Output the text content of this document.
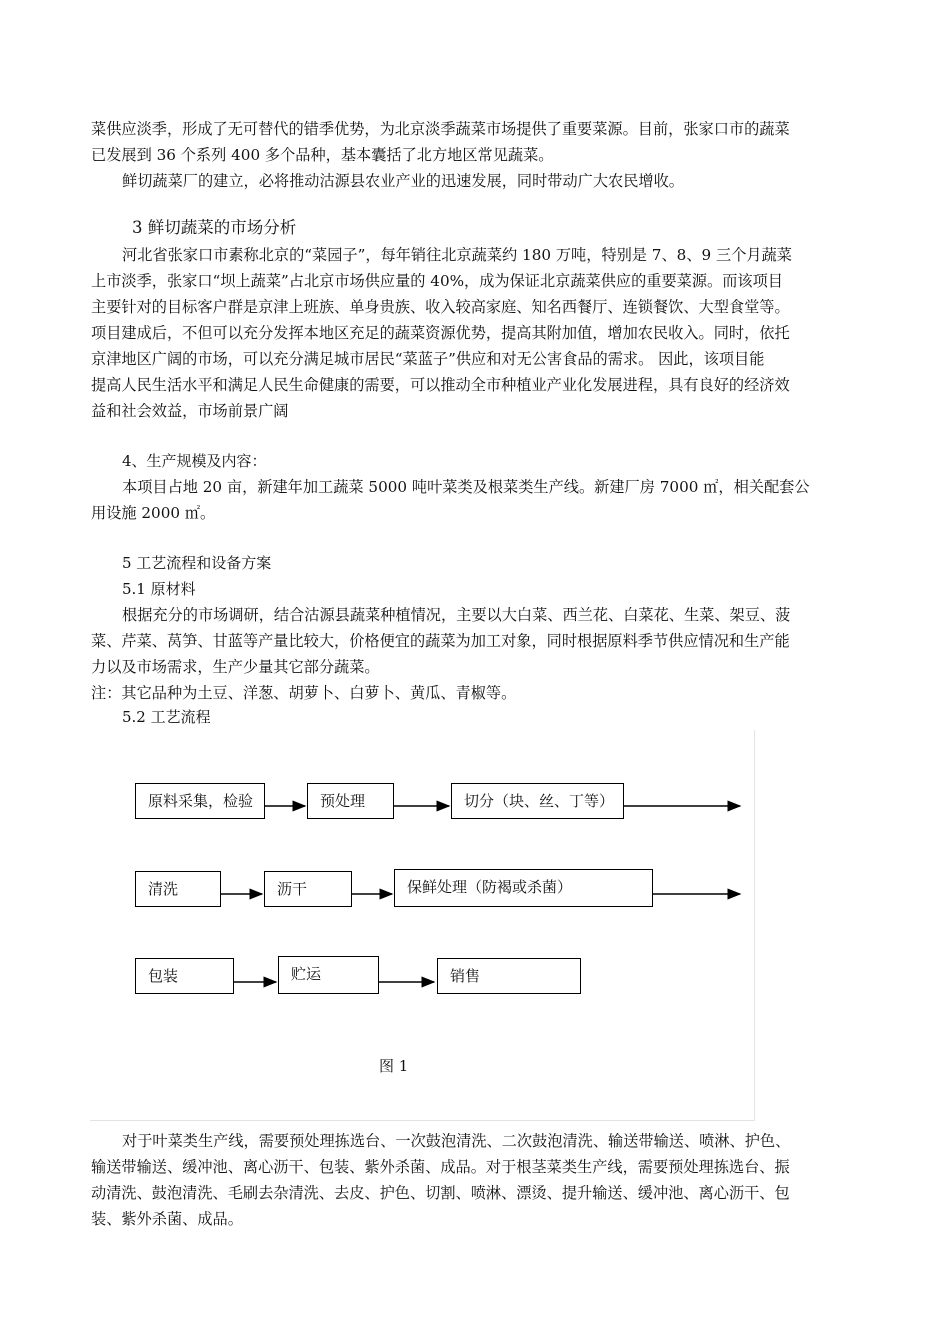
菜供应淡季，形成了无可替代的错季优势，为北京淡季蔬菜市场提供了重要菜源。目前，张家口市的蔬菜
已发展到 36 个系列 400 多个品种，基本囊括了北方地区常见蔬菜。
鲜切蔬菜厂的建立，必将推动沽源县农业产业的迅速发展，同时带动广大农民增收。
3 鲜切蔬菜的市场分析
河北省张家口市素称北京的“菜园子”，每年销往北京蔬菜约 180 万吨，特别是 7、8、9 三个月蔬菜
上市淡季，张家口“坝上蔬菜”占北京市场供应量的 40%，成为保证北京蔬菜供应的重要菜源。而该项目
主要针对的目标客户群是京津上班族、单身贵族、收入较高家庭、知名西餐厅、连锁餐饮、大型食堂等。
项目建成后，不但可以充分发挥本地区充足的蔬菜资源优势，提高其附加值，增加农民收入。同时，依托
京津地区广阔的市场，可以充分满足城市居民“菜蓝子”供应和对无公害食品的需求。 因此，该项目能
提高人民生活水平和满足人民生命健康的需要，可以推动全市种植业产业化发展进程，具有良好的经济效
益和社会效益，市场前景广阔
4、生产规模及内容：
本项目占地 20 亩，新建年加工蔬菜 5000 吨叶菜类及根菜类生产线。新建厂房 7000 ㎡，相关配套公
用设施 2000 ㎡。
5 工艺流程和设备方案
5.1 原材料
根据充分的市场调研，结合沽源县蔬菜种植情况，主要以大白菜、西兰花、白菜花、生菜、架豆、菠
菜、芹菜、莴笋、甘蓝等产量比较大，价格便宜的蔬菜为加工对象，同时根据原料季节供应情况和生产能
力以及市场需求，生产少量其它部分蔬菜。
注：其它品种为土豆、洋葱、胡萝卜、白萝卜、黄瓜、青椒等。
5.2 工艺流程
原料采集，检验	预处理	切分（块、丝、丁等）
清洗	沥干	保鲜处理（防褐或杀菌）
包装	贮运	销售
图 1
对于叶菜类生产线，需要预处理拣选台、一次鼓泡清洗、二次鼓泡清洗、输送带输送、喷淋、护色、
输送带输送、缓冲池、离心沥干、包装、紫外杀菌、成品。对于根茎菜类生产线，需要预处理拣选台、振
动清洗、鼓泡清洗、毛刷去杂清洗、去皮、护色、切割、喷淋、漂烫、提升输送、缓冲池、离心沥干、包
装、紫外杀菌、成品。
